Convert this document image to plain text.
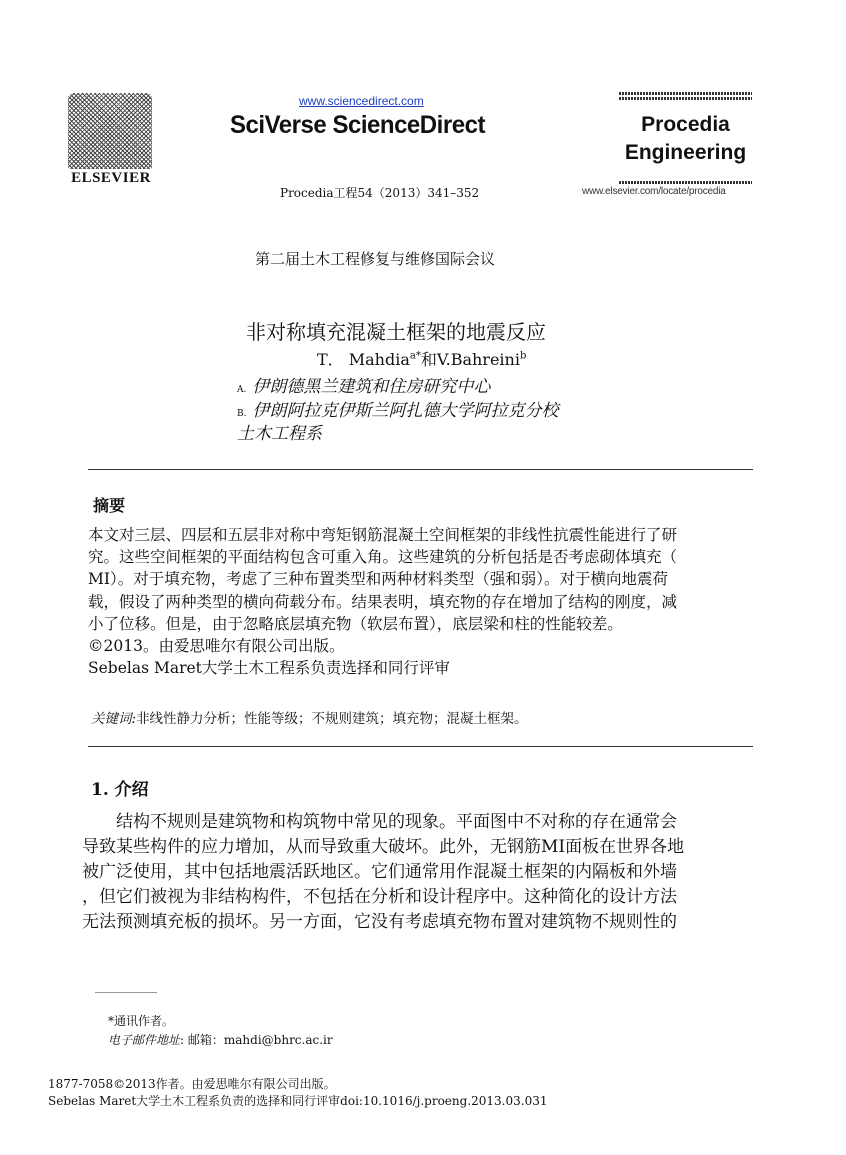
ELSEVIER
www.sciencedirect.com
SciVerse ScienceDirect
Procedia工程54（2013）341–352
Procedia
Engineering
www.elsevier.com/locate/procedia
第二届土木工程修复与维修国际会议
非对称填充混凝土框架的地震反应
T． Mahdia$^{a*}$和V.Bahreini$^b$
A. 伊朗德黑兰建筑和住房研究中心
B. 伊朗阿拉克伊斯兰阿扎德大学阿拉克分校
土木工程系
摘要
本文对三层、四层和五层非对称中弯矩钢筋混凝土空间框架的非线性抗震性能进行了研
究。这些空间框架的平面结构包含可重入角。这些建筑的分析包括是否考虑砌体填充（
MI）。对于填充物，考虑了三种布置类型和两种材料类型（强和弱）。对于横向地震荷
载，假设了两种类型的横向荷载分布。结果表明，填充物的存在增加了结构的刚度，减
小了位移。但是，由于忽略底层填充物（软层布置），底层梁和柱的性能较差。
©2013。由爱思唯尔有限公司出版。
Sebelas Maret大学土木工程系负责选择和同行评审
关键词:非线性静力分析；性能等级；不规则建筑；填充物；混凝土框架。
1. 介绍
结构不规则是建筑物和构筑物中常见的现象。平面图中不对称的存在通常会
导致某些构件的应力增加，从而导致重大破坏。此外，无钢筋MI面板在世界各地
被广泛使用，其中包括地震活跃地区。它们通常用作混凝土框架的内隔板和外墙
，但它们被视为非结构构件，不包括在分析和设计程序中。这种简化的设计方法
无法预测填充板的损坏。另一方面，它没有考虑填充物布置对建筑物不规则性的
*通讯作者。
电子邮件地址: 邮箱：mahdi@bhrc.ac.ir
1877-7058©2013作者。由爱思唯尔有限公司出版。
Sebelas Maret大学土木工程系负责的选择和同行评审doi:10.1016/j.proeng.2013.03.031
